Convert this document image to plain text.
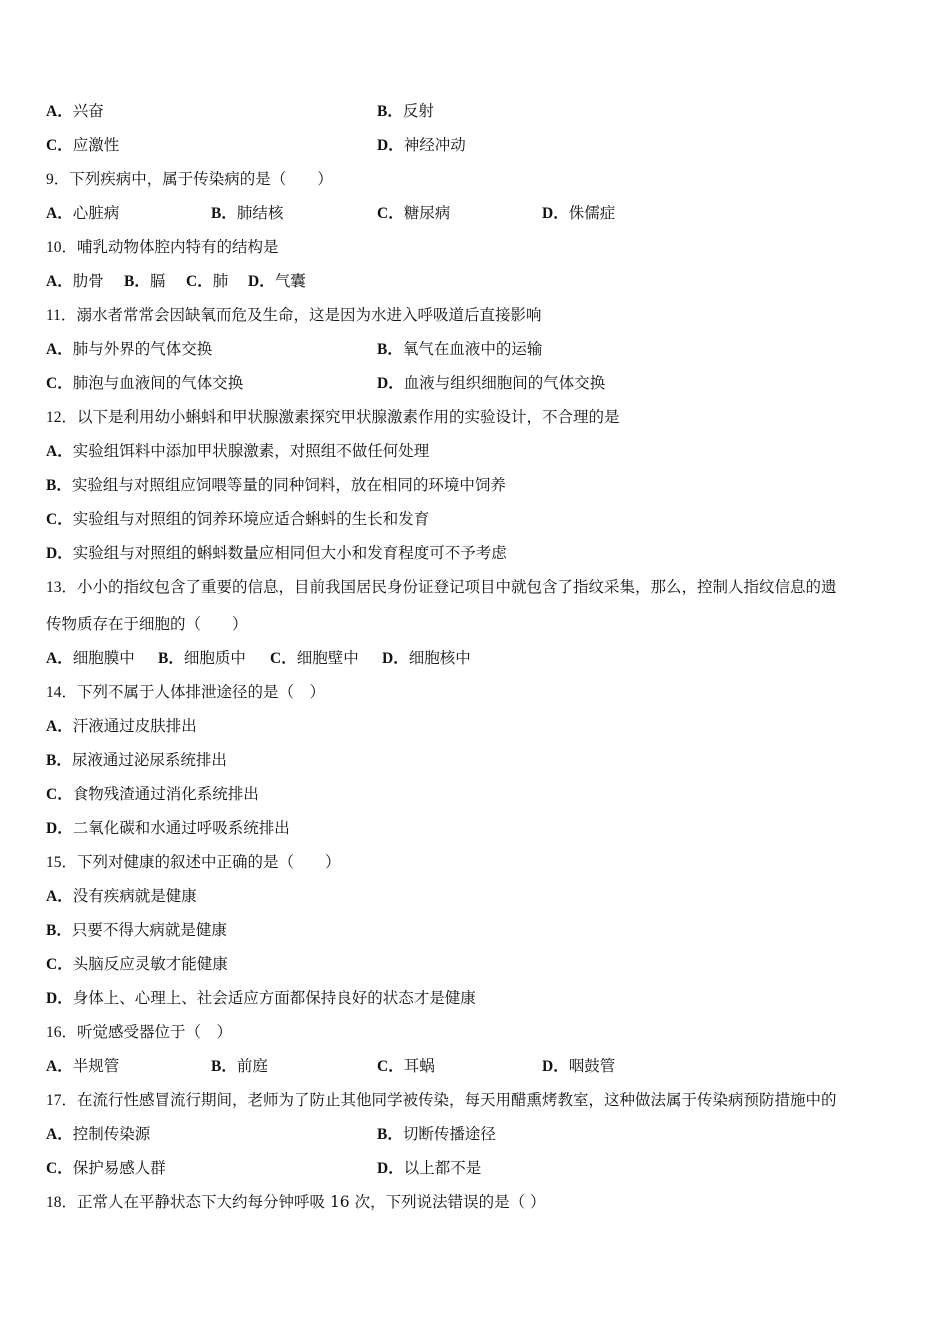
A．兴奋	B．反射
C．应激性	D．神经冲动
9．下列疾病中，属于传染病的是（　　）
A．心脏病	B．肺结核	C．糖尿病	D．侏儒症
10．哺乳动物体腔内特有的结构是
A．肋骨 B．膈 C．肺 D．气囊
11．溺水者常常会因缺氧而危及生命，这是因为水进入呼吸道后直接影响
A．肺与外界的气体交换	B．氧气在血液中的运输
C．肺泡与血液间的气体交换	D．血液与组织细胞间的气体交换
12．以下是利用幼小蝌蚪和甲状腺激素探究甲状腺激素作用的实验设计，不合理的是
A．实验组饵料中添加甲状腺激素，对照组不做任何处理
B．实验组与对照组应饲喂等量的同种饲料，放在相同的环境中饲养
C．实验组与对照组的饲养环境应适合蝌蚪的生长和发育
D．实验组与对照组的蝌蚪数量应相同但大小和发育程度可不予考虑
13．小小的指纹包含了重要的信息，目前我国居民身份证登记项目中就包含了指纹采集，那么，控制人指纹信息的遗
传物质存在于细胞的（　　）
A．细胞膜中 B．细胞质中 C．细胞壁中 D．细胞核中
14．下列不属于人体排泄途径的是（　）
A．汗液通过皮肤排出
B．尿液通过泌尿系统排出
C．食物残渣通过消化系统排出
D．二氧化碳和水通过呼吸系统排出
15．下列对健康的叙述中正确的是（　　）
A．没有疾病就是健康
B．只要不得大病就是健康
C．头脑反应灵敏才能健康
D．身体上、心理上、社会适应方面都保持良好的状态才是健康
16．听觉感受器位于（　）
A．半规管	B．前庭	C．耳蜗	D．咽鼓管
17．在流行性感冒流行期间，老师为了防止其他同学被传染，每天用醋熏烤教室，这种做法属于传染病预防措施中的
A．控制传染源	B．切断传播途径
C．保护易感人群	D．以上都不是
18．正常人在平静状态下大约每分钟呼吸 16 次，下列说法错误的是（ ）
